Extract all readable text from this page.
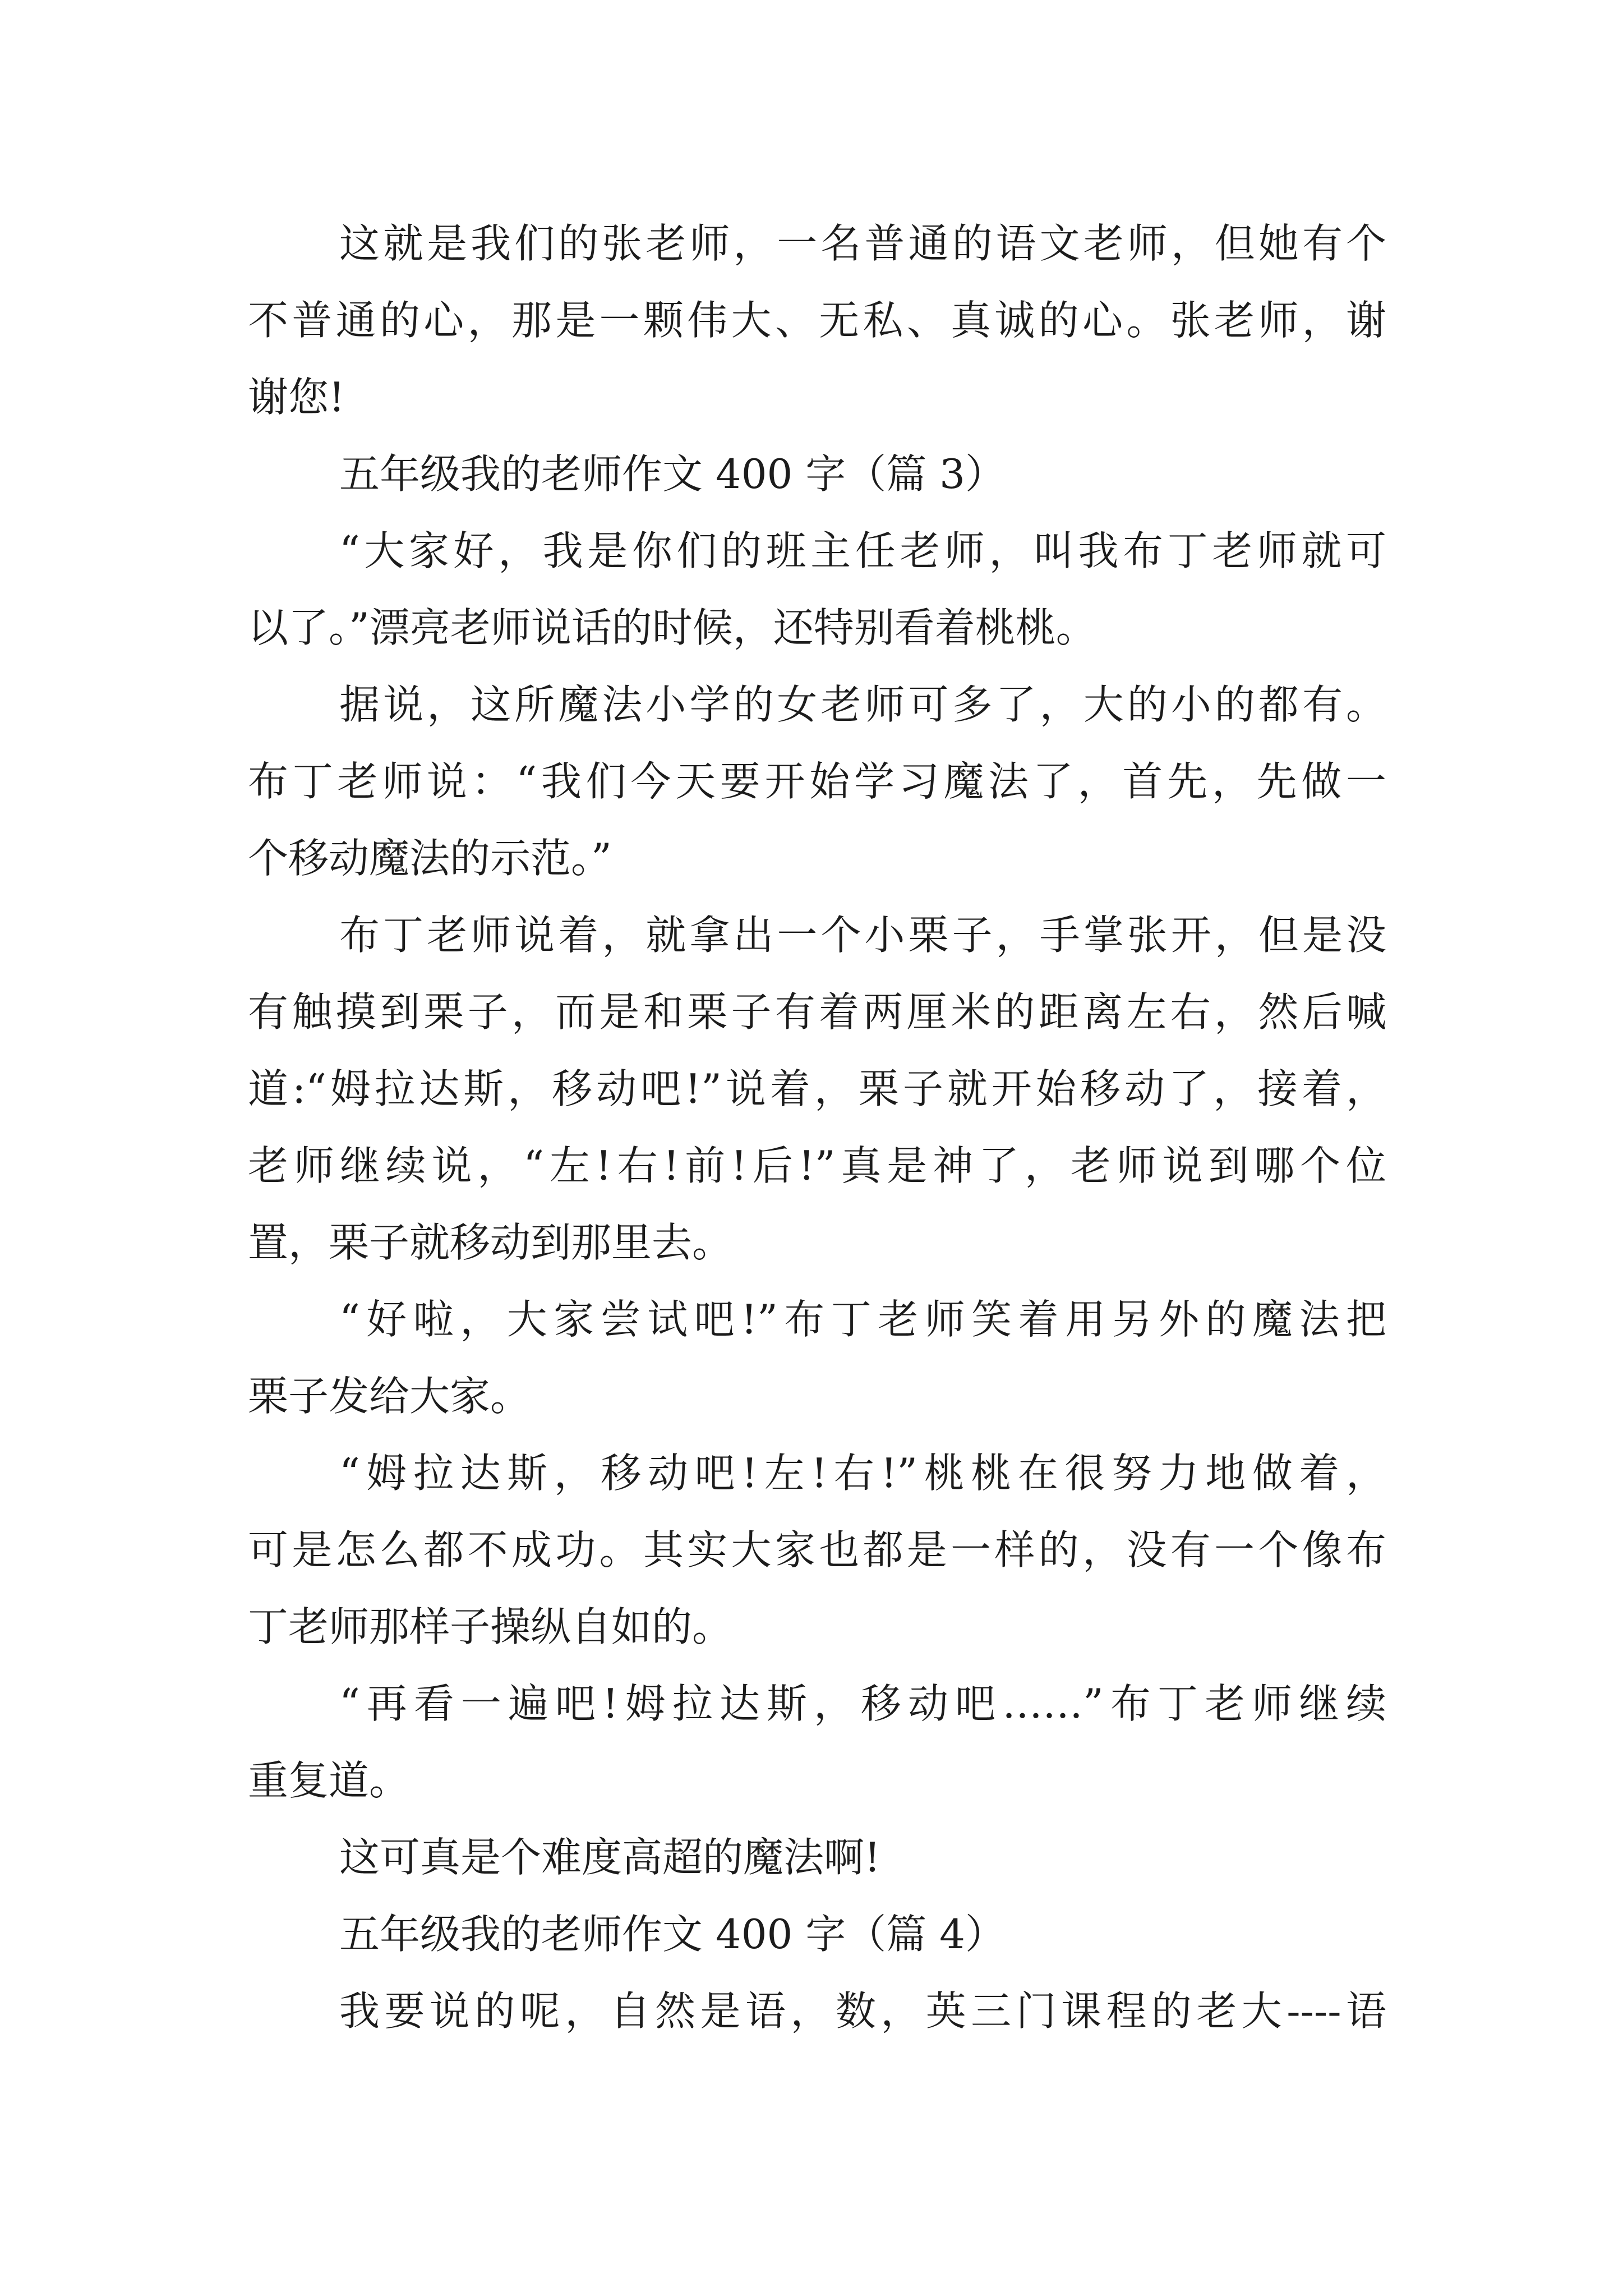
这就是我们的张老师，一名普通的语文老师，但她有个
不普通的心，那是一颗伟大、无私、真诚的心。张老师，谢
谢您!
五年级我的老师作文 400 字（篇 3）
“大家好，我是你们的班主任老师，叫我布丁老师就可
以了。”漂亮老师说话的时候，还特别看着桃桃。
据说，这所魔法小学的女老师可多了，大的小的都有。
布丁老师说：“我们今天要开始学习魔法了，首先，先做一
个移动魔法的示范。”
布丁老师说着，就拿出一个小栗子，手掌张开，但是没
有触摸到栗子，而是和栗子有着两厘米的距离左右，然后喊
道:“姆拉达斯，移动吧!”说着，栗子就开始移动了，接着，
老师继续说，“左!右!前!后!”真是神了，老师说到哪个位
置，栗子就移动到那里去。
“好啦，大家尝试吧!”布丁老师笑着用另外的魔法把
栗子发给大家。
“姆拉达斯，移动吧!左!右!”桃桃在很努力地做着，
可是怎么都不成功。其实大家也都是一样的，没有一个像布
丁老师那样子操纵自如的。
“再看一遍吧!姆拉达斯，移动吧……”布丁老师继续
重复道。
这可真是个难度高超的魔法啊!
五年级我的老师作文 400 字（篇 4）
我要说的呢，自然是语，数，英三门课程的老大----语
